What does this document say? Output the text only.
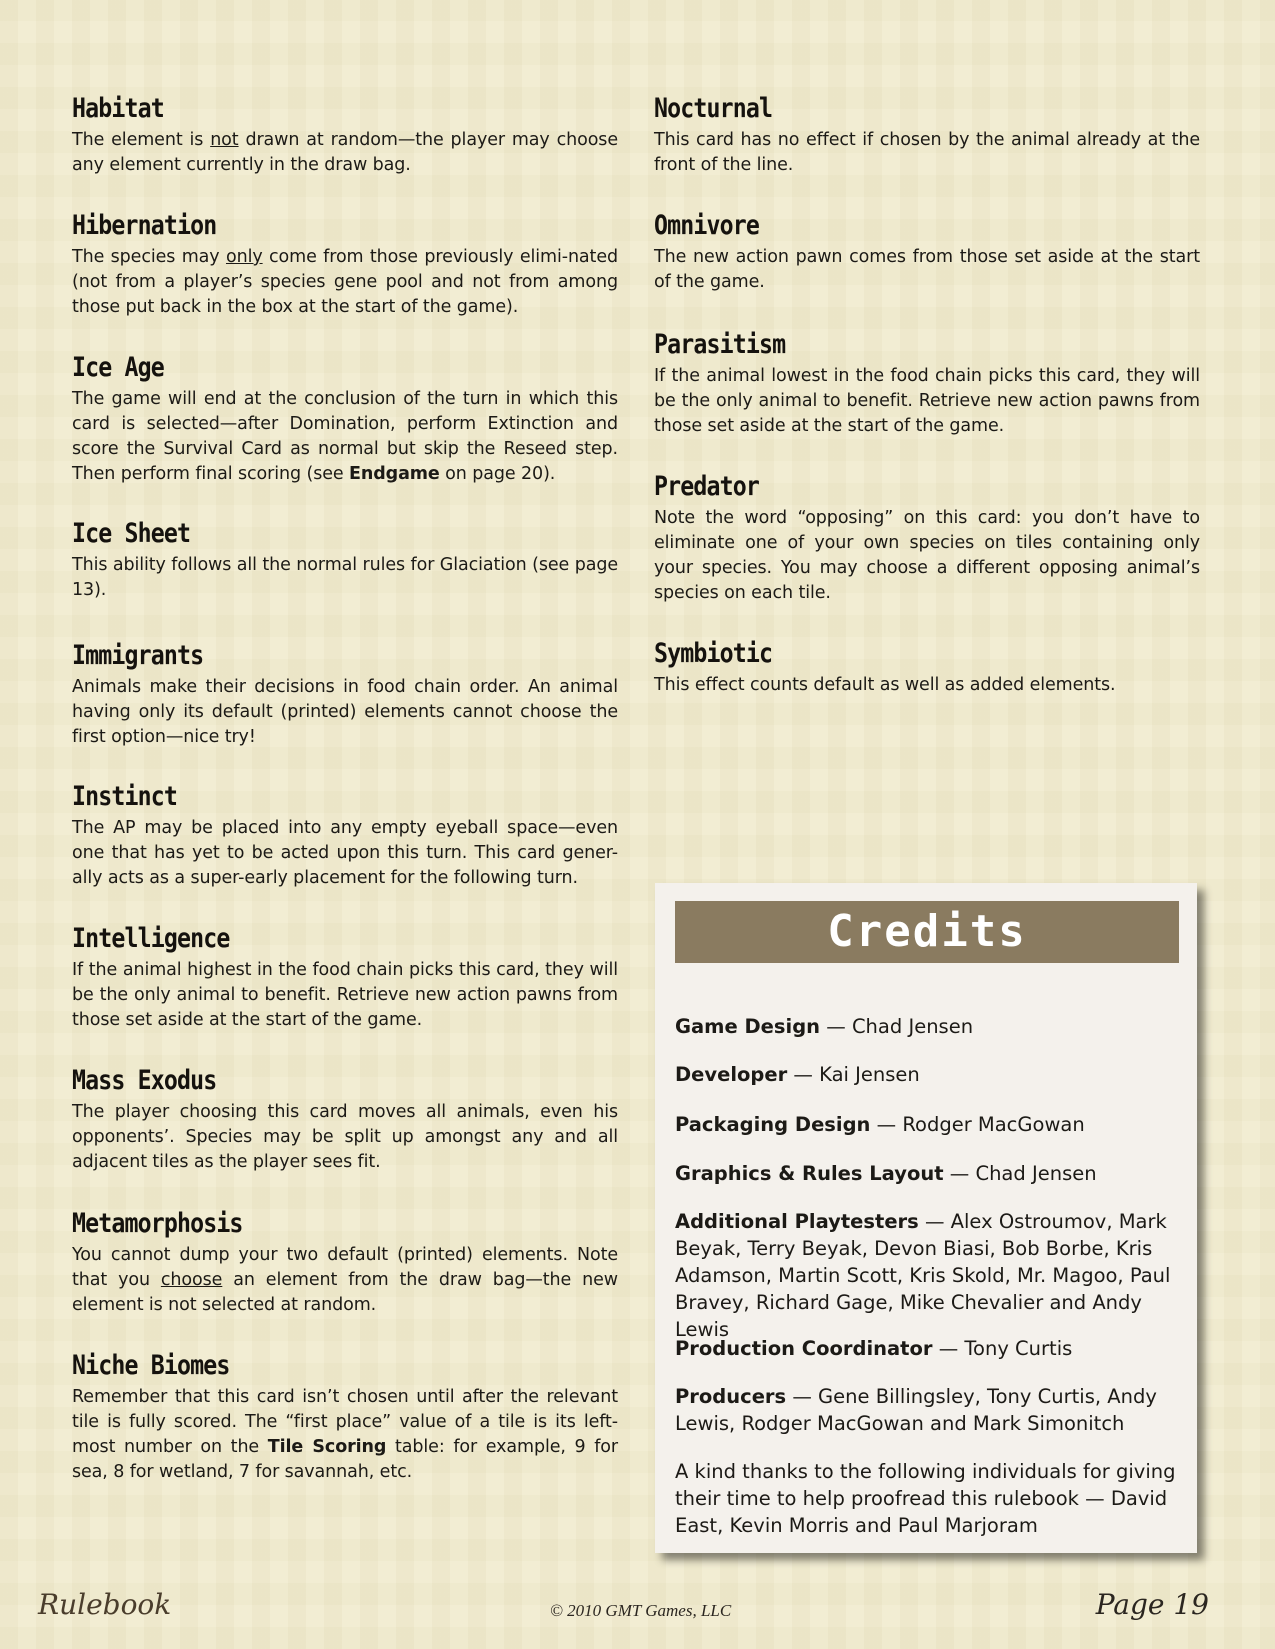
Habitat

The element is not drawn at random—the player may choose any element currently in the draw bag.

Hibernation

The species may only come from those previously elimi-nated (not from a player’s species gene pool and not from among those put back in the box at the start of the game).

Ice Age

The game will end at the conclusion of the turn in which this card is selected—after Domination, perform Extinction and score the Survival Card as normal but skip the Reseed step. Then perform final scoring (see Endgame on page 20).

Ice Sheet

This ability follows all the normal rules for Glaciation (see page 13).

Immigrants

Animals make their decisions in food chain order. An animal having only its default (printed) elements cannot choose the first option—nice try!

Instinct

The AP may be placed into any empty eyeball space—even one that has yet to be acted upon this turn. This card gener-ally acts as a super-early placement for the following turn.

Intelligence

If the animal highest in the food chain picks this card, they will be the only animal to benefit. Retrieve new action pawns from those set aside at the start of the game.

Mass Exodus

The player choosing this card moves all animals, even his opponents’. Species may be split up amongst any and all adjacent tiles as the player sees fit.

Metamorphosis

You cannot dump your two default (printed) elements. Note that you choose an element from the draw bag—the new element is not selected at random.

Niche Biomes

Remember that this card isn’t chosen until after the relevant tile is fully scored. The “first place” value of a tile is its left-most number on the Tile Scoring table: for example, 9 for sea, 8 for wetland, 7 for savannah, etc.

Nocturnal

This card has no effect if chosen by the animal already at the front of the line.

Omnivore

The new action pawn comes from those set aside at the start of the game.

Parasitism

If the animal lowest in the food chain picks this card, they will be the only animal to benefit. Retrieve new action pawns from those set aside at the start of the game.

Predator

Note the word “opposing” on this card: you don’t have to eliminate one of your own species on tiles containing only your species. You may choose a different opposing animal’s species on each tile.

Symbiotic

This effect counts default as well as added elements.

Credits
Game Design — Chad Jensen
Developer — Kai Jensen
Packaging Design — Rodger MacGowan
Graphics & Rules Layout — Chad Jensen
Additional Playtesters — Alex Ostroumov, Mark Beyak, Terry Beyak, Devon Biasi, Bob Borbe, Kris Adamson, Martin Scott, Kris Skold, Mr. Magoo, Paul Bravey, Richard Gage, Mike Chevalier and Andy Lewis
Production Coordinator — Tony Curtis
Producers — Gene Billingsley, Tony Curtis, Andy Lewis, Rodger MacGowan and Mark Simonitch
A kind thanks to the following individuals for giving their time to help proofread this rulebook — David East, Kevin Morris and Paul Marjoram
Rulebook	© 2010 GMT Games, LLC	Page 19
